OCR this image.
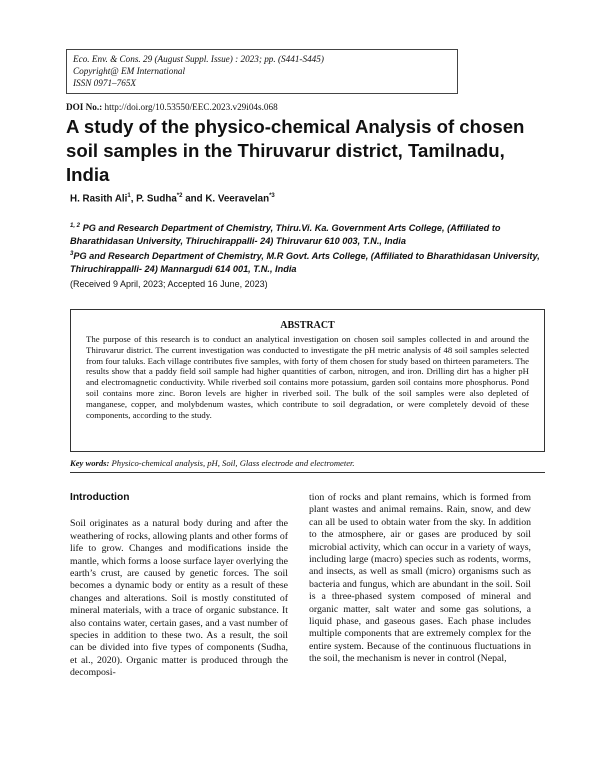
Eco. Env. & Cons. 29 (August Suppl. Issue) : 2023; pp. (S441-S445)
Copyright@ EM International
ISSN 0971–765X
DOI No.: http://doi.org/10.53550/EEC.2023.v29i04s.068
A study of the physico-chemical Analysis of chosen soil samples in the Thiruvarur district, Tamilnadu, India
H. Rasith Ali$^1$, P. Sudha$^{*2}$ and K. Veeravelan$^{*3}$

$^{1, 2}$ PG and Research Department of Chemistry, Thiru.Vi. Ka. Government Arts College, (Affiliated to Bharathidasan University, Thiruchirappalli- 24) Thiruvarur 610 003, T.N., India

$^3$PG and Research Department of Chemistry, M.R Govt. Arts College, (Affiliated to Bharathidasan University, Thiruchirappalli- 24) Mannargudi 614 001, T.N., India

(Received 9 April, 2023; Accepted 16 June, 2023)
ABSTRACT
The purpose of this research is to conduct an analytical investigation on chosen soil samples collected in and around the Thiruvarur district. The current investigation was conducted to investigate the pH metric analysis of 48 soil samples selected from four taluks. Each village contributes five samples, with forty of them chosen for study based on thirteen parameters. The results show that a paddy field soil sample had higher quantities of carbon, nitrogen, and iron. Drilling dirt has a higher pH and electromagnetic conductivity. While riverbed soil contains more potassium, garden soil contains more phosphorus. Pond soil contains more zinc. Boron levels are higher in riverbed soil. The bulk of the soil samples were also depleted of manganese, copper, and molybdenum wastes, which contribute to soil degradation, or were completely devoid of these components, according to the study.
Key words: Physico-chemical analysis, pH, Soil, Glass electrode and electrometer.
Introduction

Soil originates as a natural body during and after the weathering of rocks, allowing plants and other forms of life to grow. Changes and modifications inside the mantle, which forms a loose surface layer overlying the earth’s crust, are caused by genetic forces. The soil becomes a dynamic body or entity as a result of these changes and alterations. Soil is mostly constituted of mineral materials, with a trace of organic substance. It also contains water, certain gases, and a vast number of species in addition to these two. As a result, the soil can be divided into five types of components (Sudha, et al., 2020). Organic matter is produced through the decomposi-

tion of rocks and plant remains, which is formed from plant wastes and animal remains. Rain, snow, and dew can all be used to obtain water from the sky. In addition to the atmosphere, air or gases are produced by soil microbial activity, which can occur in a variety of ways, including large (macro) species such as rodents, worms, and insects, as well as small (micro) organisms such as bacteria and fungus, which are abundant in the soil. Soil is a three-phased system composed of mineral and organic matter, salt water and some gas solutions, a liquid phase, and gaseous gases. Each phase includes multiple components that are extremely complex for the entire system. Because of the continuous fluctuations in the soil, the mechanism is never in control (Nepal,
